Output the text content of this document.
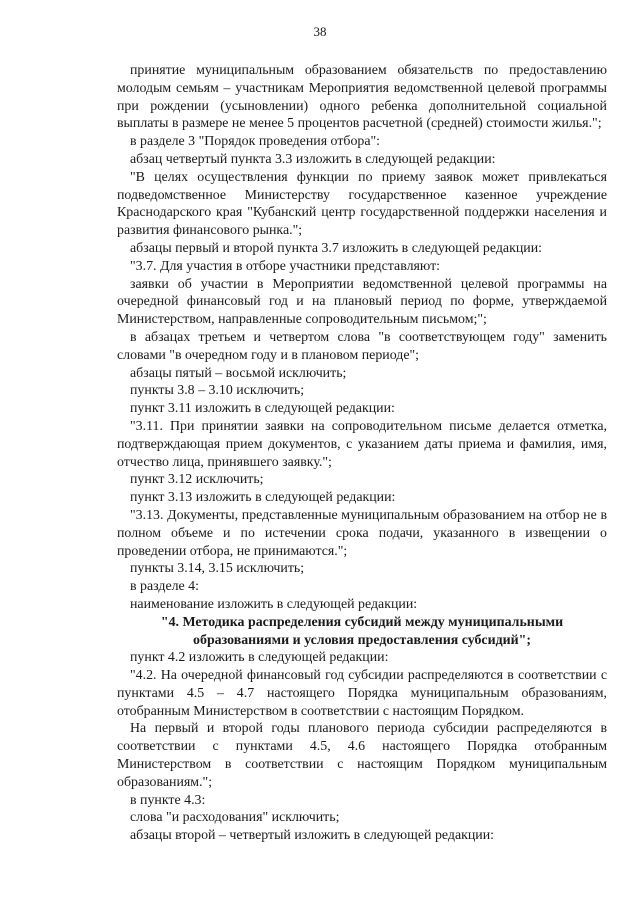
38

принятие муниципальным образованием обязательств по предоставлению молодым семьям – участникам Мероприятия ведомственной целевой программы при рождении (усыновлении) одного ребенка дополнительной социальной выплаты в размере не менее 5 процентов расчетной (средней) стоимости жилья.";

в разделе 3 "Порядок проведения отбора":

абзац четвертый пункта 3.3 изложить в следующей редакции:

"В целях осуществления функции по приему заявок может привлекаться подведомственное Министерству государственное казенное учреждение Краснодарского края "Кубанский центр государственной поддержки населения и развития финансового рынка.";

абзацы первый и второй пункта 3.7 изложить в следующей редакции:

"3.7. Для участия в отборе участники представляют:

заявки об участии в Мероприятии ведомственной целевой программы на очередной финансовый год и на плановый период по форме, утверждаемой Министерством, направленные сопроводительным письмом;";

в абзацах третьем и четвертом слова "в соответствующем году" заменить словами "в очередном году и в плановом периоде";

абзацы пятый – восьмой исключить;

пункты 3.8 – 3.10 исключить;

пункт 3.11 изложить в следующей редакции:

"3.11. При принятии заявки на сопроводительном письме делается отметка, подтверждающая прием документов, с указанием даты приема и фамилия, имя, отчество лица, принявшего заявку.";

пункт 3.12 исключить;

пункт 3.13 изложить в следующей редакции:

"3.13. Документы, представленные муниципальным образованием на отбор не в полном объеме и по истечении срока подачи, указанного в извещении о проведении отбора, не принимаются.";

пункты 3.14, 3.15 исключить;

в разделе 4:

наименование изложить в следующей редакции:

"4. Методика распределения субсидий между муниципальными образованиями и условия предоставления субсидий";

пункт 4.2 изложить в следующей редакции:

"4.2. На очередной финансовый год субсидии распределяются в соответствии с пунктами 4.5 – 4.7 настоящего Порядка муниципальным образованиям, отобранным Министерством в соответствии с настоящим Порядком.

На первый и второй годы планового периода субсидии распределяются в соответствии с пунктами 4.5, 4.6 настоящего Порядка отобранным Министерством в соответствии с настоящим Порядком муниципальным образованиям.";

в пункте 4.3:

слова "и расходования" исключить;

абзацы второй – четвертый изложить в следующей редакции:
